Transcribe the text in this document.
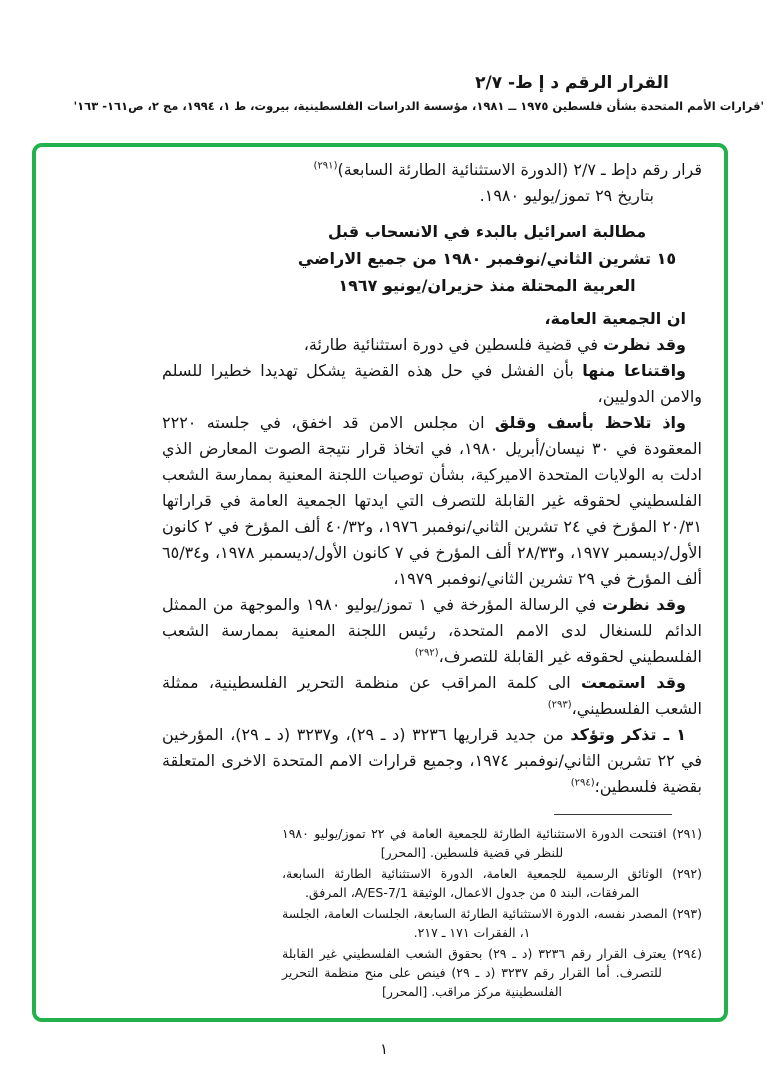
القرار الرقم د إ ط- ٢/٧
'قرارات الأمم المتحدة بشأن فلسطين ١٩٧٥ ــ ١٩٨١، مؤسسة الدراسات الفلسطينية، بيروت، ط ١، ١٩٩٤، مج ٢، ص١٦١- ١٦٣'

قرار رقم دإط ـ ٢/٧ (الدورة الاستثنائية الطارئة السابعة)$^{(٢٩١)}$

بتاريخ ٢٩ تموز/يوليو ١٩٨٠.

مطالبة اسرائيل بالبدء في الانسحاب قبل
١٥ تشرين الثاني/نوفمبر ١٩٨٠ من جميع الاراضي
العربية المحتلة منذ حزيران/يونيو ١٩٦٧

ان الجمعية العامة،

وقد نظرت في قضية فلسطين في دورة استثنائية طارئة،

واقتناعا منها بأن الفشل في حل هذه القضية يشكل تهديدا خطيرا للسلم والامن الدوليين،

واذ تلاحظ بأسف وقلق ان مجلس الامن قد اخفق، في جلسته ٢٢٢٠ المعقودة في ٣٠ نيسان/أبريل ١٩٨٠، في اتخاذ قرار نتيجة الصوت المعارض الذي ادلت به الولايات المتحدة الاميركية، بشأن توصيات اللجنة المعنية بممارسة الشعب الفلسطيني لحقوقه غير القابلة للتصرف التي ايدتها الجمعية العامة في قراراتها ٢٠/٣١ المؤرخ في ٢٤ تشرين الثاني/نوفمبر ١٩٧٦، و٤٠/٣٢ ألف المؤرخ في ٢ كانون الأول/ديسمبر ١٩٧٧، و٢٨/٣٣ ألف المؤرخ في ٧ كانون الأول/ديسمبر ١٩٧٨، و٦٥/٣٤ ألف المؤرخ في ٢٩ تشرين الثاني/نوفمبر ١٩٧٩،

وقد نظرت في الرسالة المؤرخة في ١ تموز/يوليو ١٩٨٠ والموجهة من الممثل الدائم للسنغال لدى الامم المتحدة، رئيس اللجنة المعنية بممارسة الشعب الفلسطيني لحقوقه غير القابلة للتصرف،$^{(٢٩٢)}$

وقد استمعت الى كلمة المراقب عن منظمة التحرير الفلسطينية، ممثلة الشعب الفلسطيني،$^{(٢٩٣)}$

١ ـ تذكر وتؤكد من جديد قراريها ٣٢٣٦ (د ـ ٢٩)، و٣٢٣٧ (د ـ ٢٩)، المؤرخين في ٢٢ تشرين الثاني/نوفمبر ١٩٧٤، وجميع قرارات الامم المتحدة الاخرى المتعلقة بقضية فلسطين؛$^{(٢٩٤)}$

(٢٩١) افتتحت الدورة الاستثنائية الطارئة للجمعية العامة في ٢٢ تموز/يوليو ١٩٨٠ للنظر في قضية فلسطين. [المحرر]

(٢٩٢) الوثائق الرسمية للجمعية العامة، الدورة الاستثنائية الطارئة السابعة، المرفقات، البند ٥ من جدول الاعمال، الوثيقة A/ES-7/1، المرفق.

(٢٩٣) المصدر نفسه، الدورة الاستثنائية الطارئة السابعة، الجلسات العامة، الجلسة ١، الفقرات ١٧١ ـ ٢١٧.

(٢٩٤) يعترف القرار رقم ٣٢٣٦ (د ـ ٢٩) بحقوق الشعب الفلسطيني غير القابلة للتصرف. أما القرار رقم ٣٢٣٧ (د ـ ٢٩) فينص على منح منظمة التحرير الفلسطينية مركز مراقب. [المحرر]

١
